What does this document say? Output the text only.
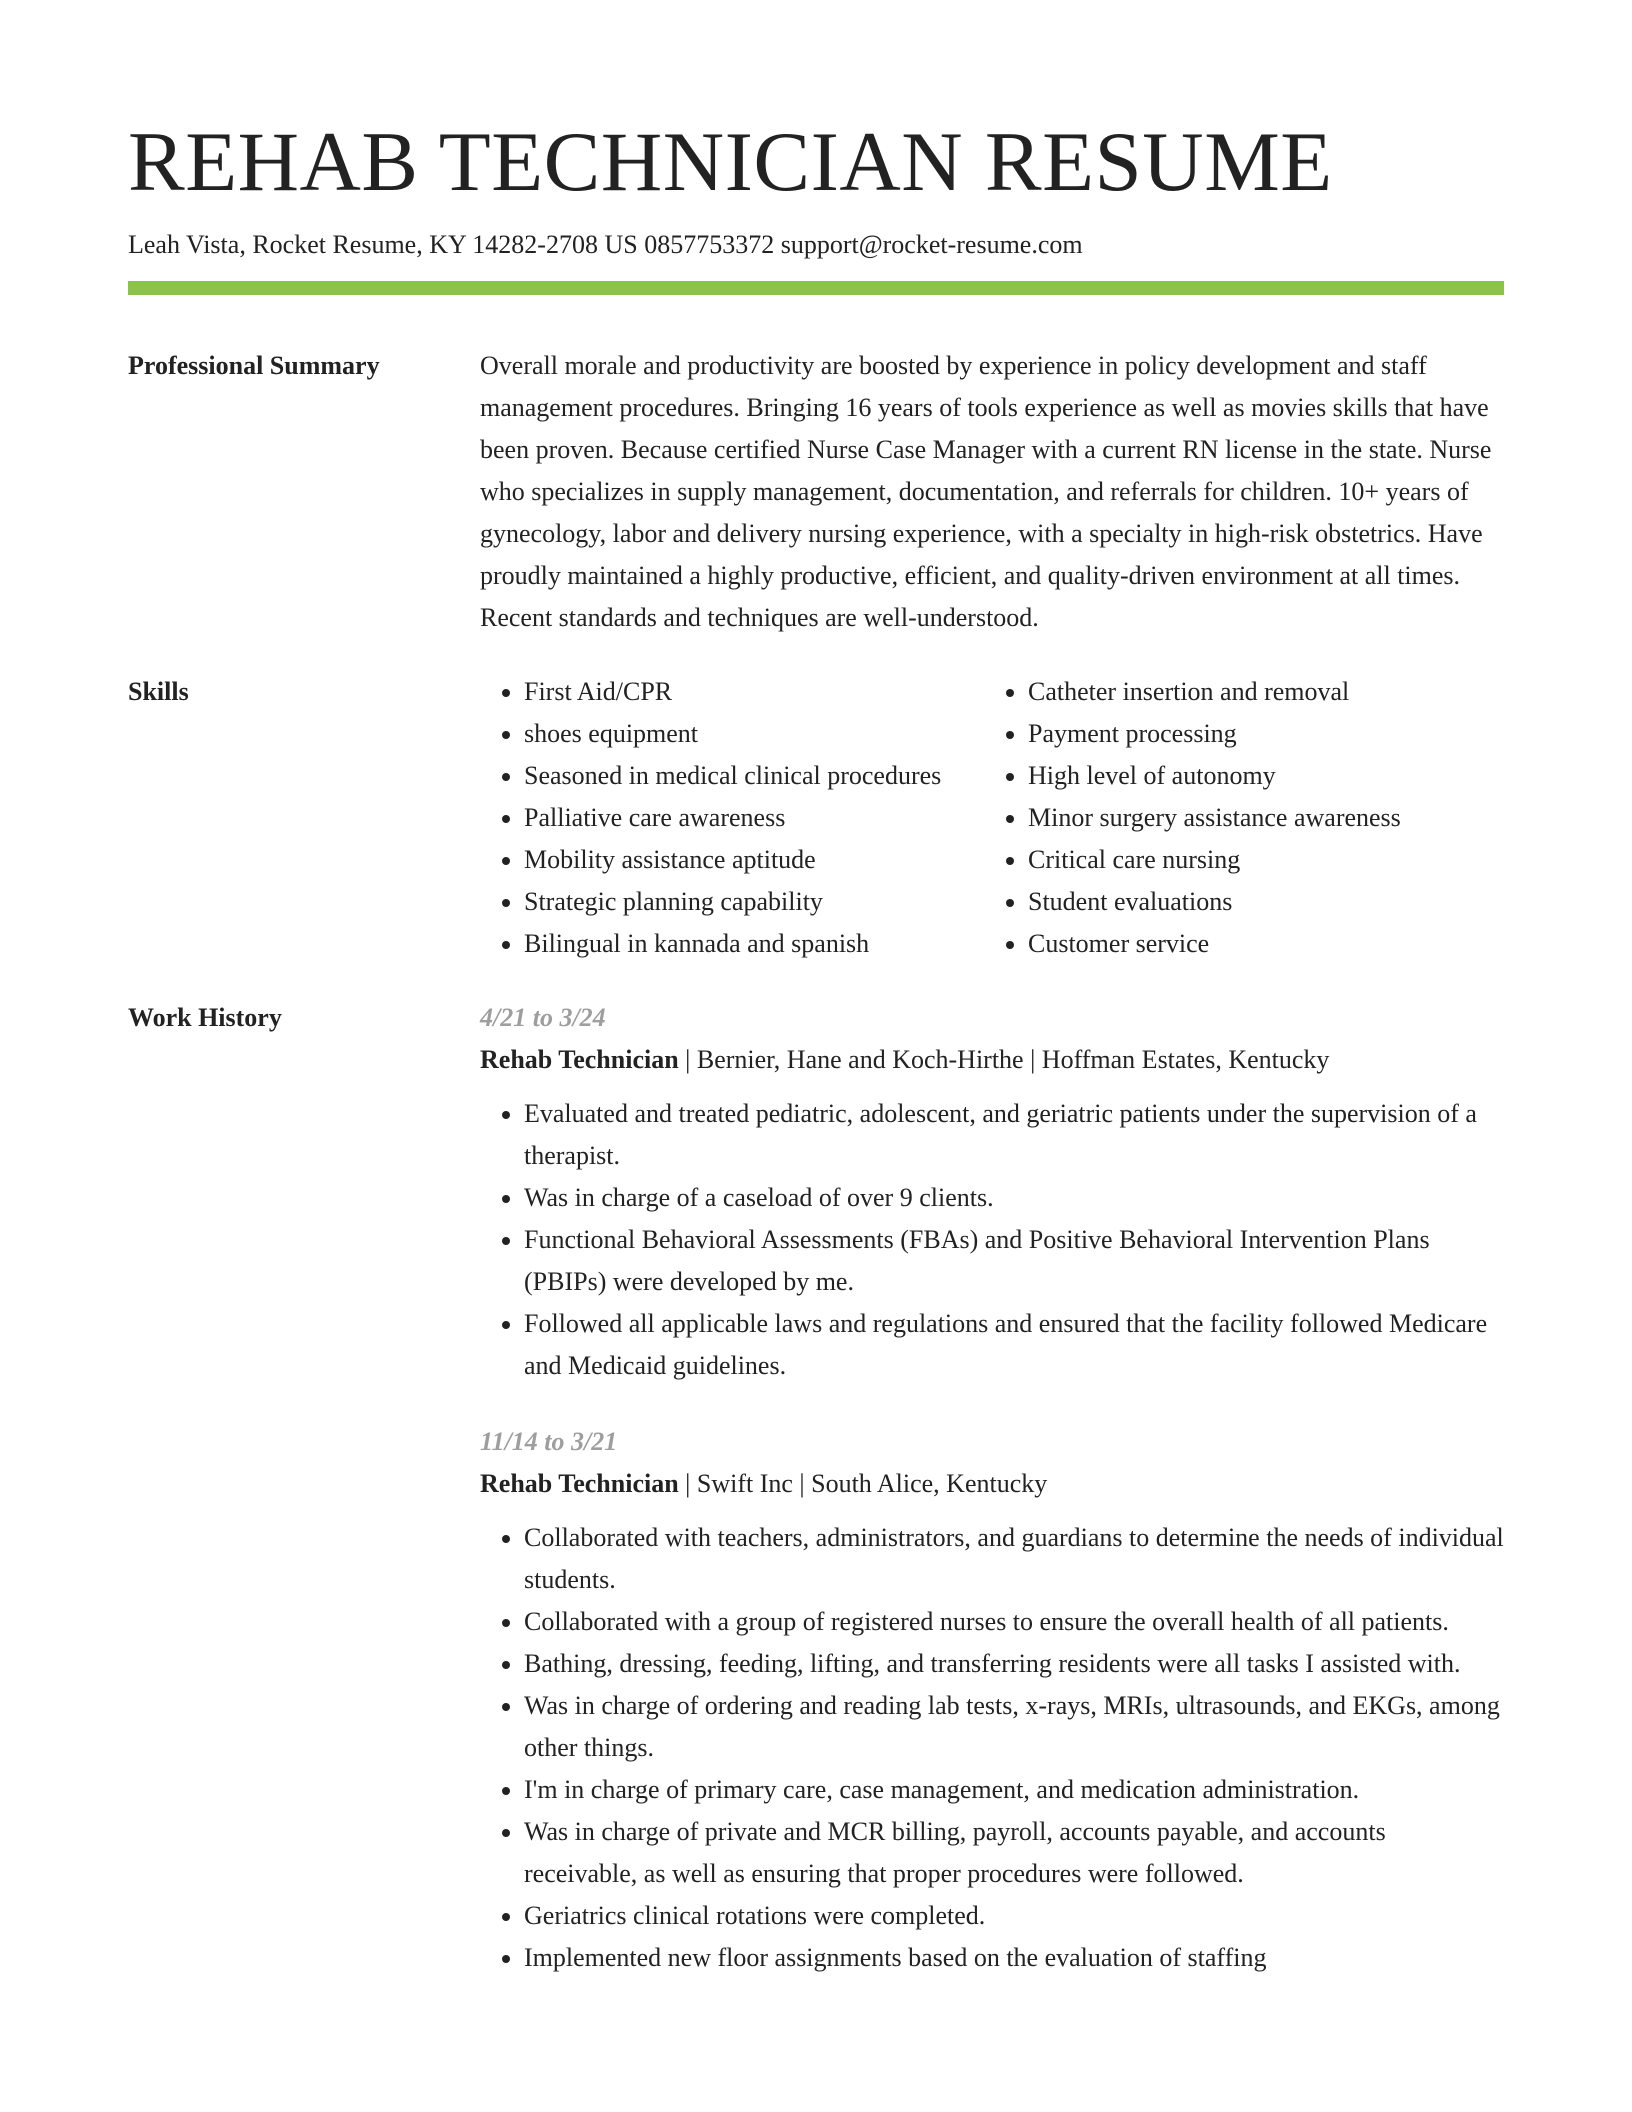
REHAB TECHNICIAN RESUME
Leah Vista, Rocket Resume, KY 14282-2708 US 0857753372 support@rocket-resume.com
Professional Summary	Overall morale and productivity are boosted by experience in policy development and staff management procedures. Bringing 16 years of tools experience as well as movies skills that have been proven. Because certified Nurse Case Manager with a current RN license in the state. Nurse who specializes in supply management, documentation, and referrals for children. 10+ years of gynecology, labor and delivery nursing experience, with a specialty in high-risk obstetrics. Have proudly maintained a highly productive, efficient, and quality-driven environment at all times. Recent standards and techniques are well-understood.

Skills
•	First Aid/CPR
• shoes equipment
• Seasoned in medical clinical procedures
• Palliative care awareness
• Mobility assistance aptitude
• Strategic planning capability
• Bilingual in kannada and spanish
• Catheter insertion and removal
• Payment processing
• High level of autonomy
• Minor surgery assistance awareness
• Critical care nursing
• Student evaluations
• Customer service
Work History	4/21 to 3/24
Rehab Technician | Bernier, Hane and Koch-Hirthe | Hoffman Estates, Kentucky
• Evaluated and treated pediatric, adolescent, and geriatric patients under the supervision of a therapist.
• Was in charge of a caseload of over 9 clients.
• Functional Behavioral Assessments (FBAs) and Positive Behavioral Intervention Plans (PBIPs) were developed by me.
• Followed all applicable laws and regulations and ensured that the facility followed Medicare and Medicaid guidelines.
11/14 to 3/21
Rehab Technician | Swift Inc | South Alice, Kentucky
• Collaborated with teachers, administrators, and guardians to determine the needs of individual students.
• Collaborated with a group of registered nurses to ensure the overall health of all patients.
• Bathing, dressing, feeding, lifting, and transferring residents were all tasks I assisted with.
• Was in charge of ordering and reading lab tests, x-rays, MRIs, ultrasounds, and EKGs, among other things.
• I'm in charge of primary care, case management, and medication administration.
• Was in charge of private and MCR billing, payroll, accounts payable, and accounts receivable, as well as ensuring that proper procedures were followed.
• Geriatrics clinical rotations were completed.
• Implemented new floor assignments based on the evaluation of staffing
